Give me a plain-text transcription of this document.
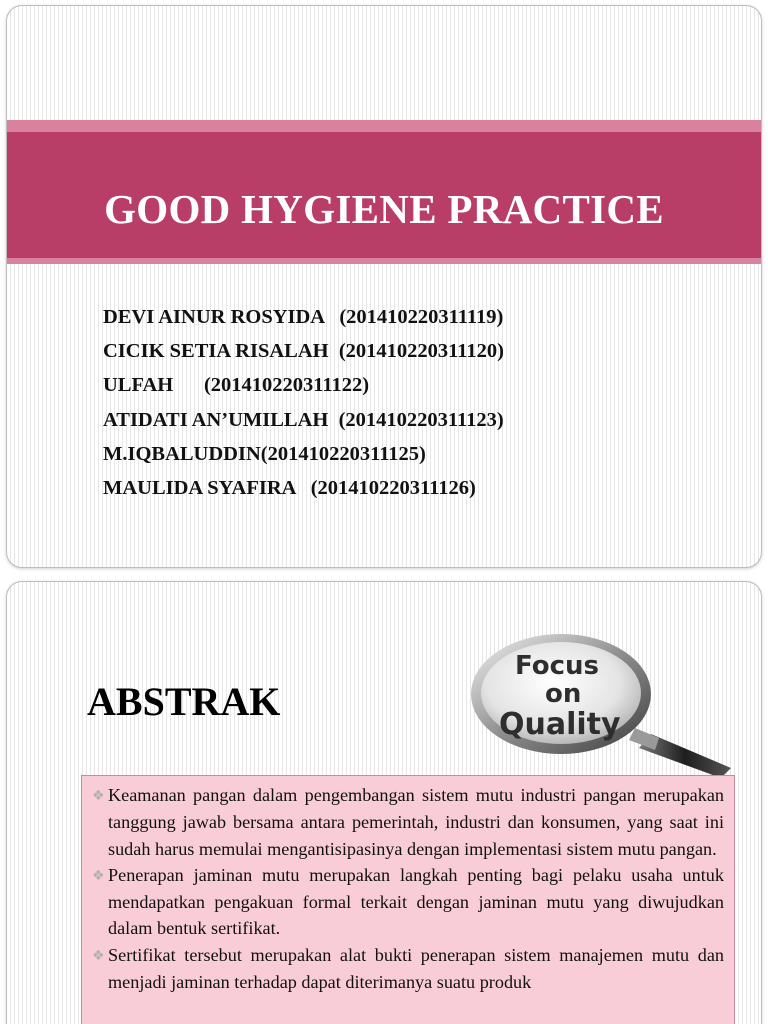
GOOD HYGIENE PRACTICE
DEVI AINUR ROSYIDA   (201410220311119)
CICIK SETIA RISALAH  (201410220311120)
ULFAH      (201410220311122)
ATIDATI AN’UMILLAH  (201410220311123)
M.IQBALUDDIN(201410220311125)
MAULIDA SYAFIRA   (201410220311126)
ABSTRAK
Focus
on
Quality

❖ Keamanan pangan dalam pengembangan sistem mutu industri pangan merupakan tanggung jawab bersama antara pemerintah, industri dan konsumen, yang saat ini sudah harus memulai mengantisipasinya dengan implementasi sistem mutu pangan.

❖ Penerapan jaminan mutu merupakan langkah penting bagi pelaku usaha untuk mendapatkan pengakuan formal terkait dengan jaminan mutu yang diwujudkan dalam bentuk sertifikat.

❖ Sertifikat tersebut merupakan alat bukti penerapan sistem manajemen mutu dan menjadi jaminan terhadap dapat diterimanya suatu produk
